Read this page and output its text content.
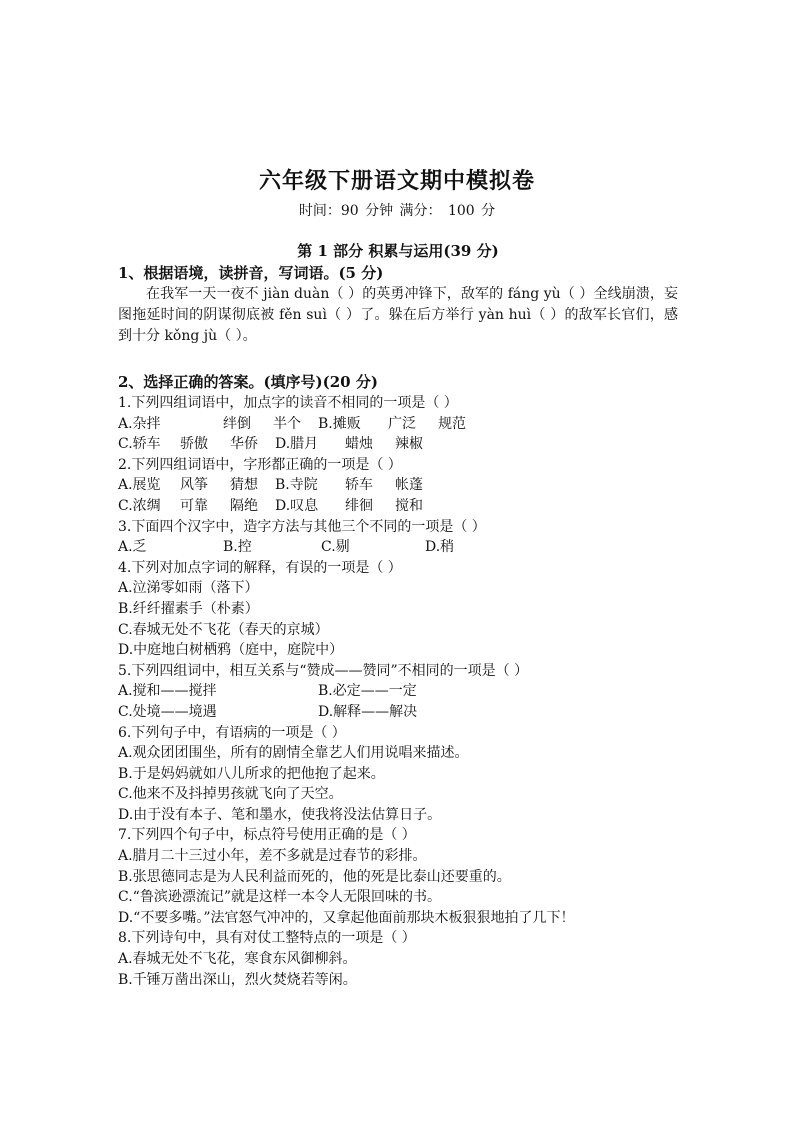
六年级下册语文期中模拟卷
时间：90 分钟 满分： 100 分
第 1 部分 积累与运用(39 分)
1、根据语境，读拼音，写词语。(5 分)

在我军一天一夜不 jiàn duàn（ ）的英勇冲锋下，敌军的 fáng yù（ ）全线崩溃，妄图拖延时间的阴谋彻底被 fěn suì（ ）了。躲在后方举行 yàn huì（ ）的敌军长官们，感到十分 kǒng jù（ ）。

2、选择正确的答案。(填序号)(20 分)
1.下列四组词语中，加点字的读音不相同的一项是（ ）
A.杂拌	绊倒	半个	B.摊贩	广泛	规范
C.轿车	骄傲	华侨	D.腊月	蜡烛	辣椒
2.下列四组词语中，字形都正确的一项是（ ）
A.展览	风筝	猜想	B.寺院	轿车	帐蓬
C.浓绸	可靠	隔绝	D.叹息	绯徊	搅和
3.下面四个汉字中，造字方法与其他三个不同的一项是（ ）
A.乏	B.控	C.剔	D.稍
4.下列对加点字词的解释，有误的一项是（ ）
A.泣涕零如雨（落下）
B.纤纤擢素手（朴素）
C.春城无处不飞花（春天的京城）
D.中庭地白树栖鸦（庭中，庭院中）
5.下列四组词中，相互关系与“赞成——赞同”不相同的一项是（ ）
A.搅和——搅拌	B.必定——一定
C.处境——境遇	D.解释——解决
6.下列句子中，有语病的一项是（ ）
A.观众团团围坐，所有的剧情全靠艺人们用说唱来描述。
B.于是妈妈就如八儿所求的把他抱了起来。
C.他来不及抖掉男孩就飞向了天空。
D.由于没有本子、笔和墨水，使我将没法估算日子。
7.下列四个句子中，标点符号使用正确的是（ ）
A.腊月二十三过小年，差不多就是过春节的彩排。
B.张思德同志是为人民利益而死的，他的死是比泰山还要重的。
C.“鲁滨逊漂流记”就是这样一本令人无限回味的书。
D.“不要多嘴。”法官怒气冲冲的，又拿起他面前那块木板狠狠地拍了几下！
8.下列诗句中，具有对仗工整特点的一项是（ ）
A.春城无处不飞花，寒食东风御柳斜。
B.千锤万凿出深山，烈火焚烧若等闲。
